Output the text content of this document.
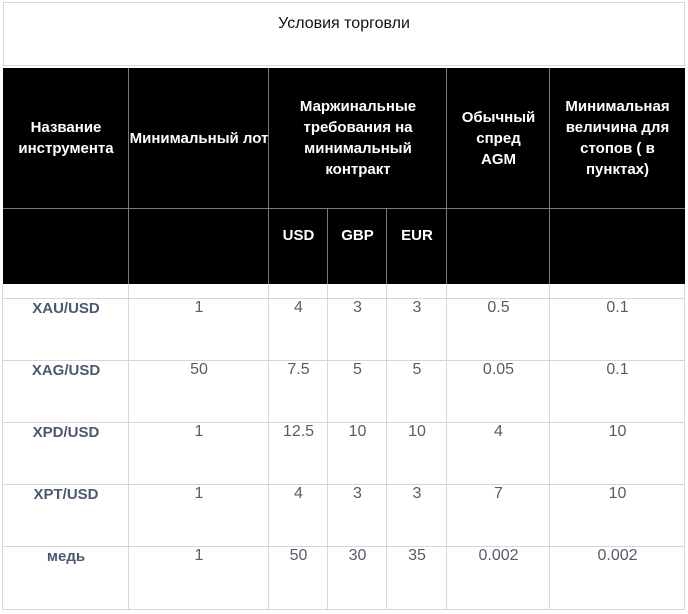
Условия торговли
Название инструмента
Минимальный лот
Маржинальные требования на минимальный контракт
Обычный спред AGM
Минимальная величина для стопов ( в пунктах)
USD	GBP	EUR
XAU/USD	1	4	3	3	0.5	0.1
XAG/USD	50	7.5	5	5	0.05	0.1
XPD/USD	1	12.5	10	10	4	10
XPT/USD	1	4	3	3	7	10
медь	1	50	30	35	0.002	0.002
